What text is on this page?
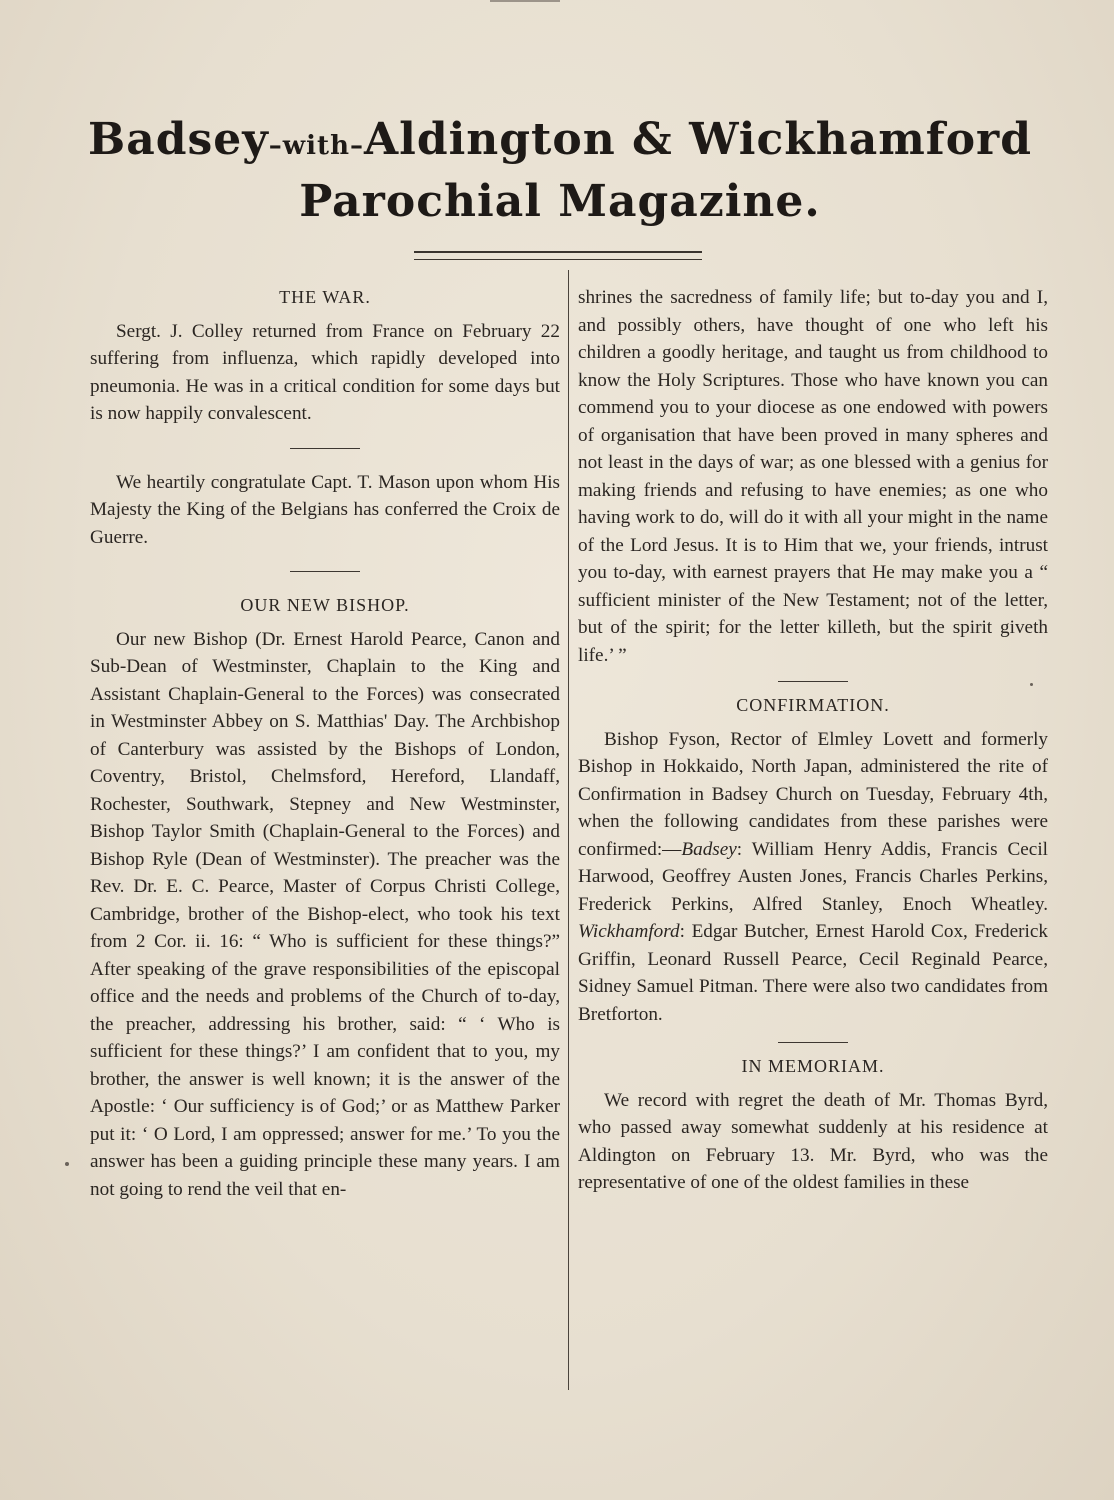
Badsey–with–Aldington & Wickhamford
Parochial Magazine.
THE WAR.

Sergt. J. Colley returned from France on February 22 suffering from influenza, which rapidly developed into pneumonia. He was in a critical condition for some days but is now happily convalescent.

We heartily congratulate Capt. T. Mason upon whom His Majesty the King of the Belgians has conferred the Croix de Guerre.

OUR NEW BISHOP.

Our new Bishop (Dr. Ernest Harold Pearce, Canon and Sub-Dean of Westminster, Chaplain to the King and Assistant Chaplain-General to the Forces) was consecrated in Westminster Abbey on S. Matthias' Day. The Archbishop of Canterbury was assisted by the Bishops of London, Coventry, Bristol, Chelmsford, Hereford, Llandaff, Rochester, Southwark, Stepney and New Westminster, Bishop Taylor Smith (Chaplain-General to the Forces) and Bishop Ryle (Dean of Westminster). The preacher was the Rev. Dr. E. C. Pearce, Master of Corpus Christi College, Cambridge, brother of the Bishop-elect, who took his text from 2 Cor. ii. 16: “ Who is sufficient for these things?” After speaking of the grave responsibilities of the episcopal office and the needs and problems of the Church of to-day, the preacher, addressing his brother, said: “ ‘ Who is sufficient for these things?’ I am confident that to you, my brother, the answer is well known; it is the answer of the Apostle: ‘ Our sufficiency is of God;’ or as Matthew Parker put it: ‘ O Lord, I am oppressed; answer for me.’ To you the answer has been a guiding principle these many years. I am not going to rend the veil that en-

shrines the sacredness of family life; but to-day you and I, and possibly others, have thought of one who left his children a goodly heritage, and taught us from childhood to know the Holy Scriptures. Those who have known you can commend you to your diocese as one endowed with powers of organisation that have been proved in many spheres and not least in the days of war; as one blessed with a genius for making friends and refusing to have enemies; as one who having work to do, will do it with all your might in the name of the Lord Jesus. It is to Him that we, your friends, intrust you to-day, with earnest prayers that He may make you a “ sufficient minister of the New Testament; not of the letter, but of the spirit; for the letter killeth, but the spirit giveth life.’ ”

CONFIRMATION.

Bishop Fyson, Rector of Elmley Lovett and formerly Bishop in Hokkaido, North Japan, administered the rite of Confirmation in Badsey Church on Tuesday, February 4th, when the following candidates from these parishes were confirmed:—Badsey: William Henry Addis, Francis Cecil Harwood, Geoffrey Austen Jones, Francis Charles Perkins, Frederick Perkins, Alfred Stanley, Enoch Wheatley. Wickhamford: Edgar Butcher, Ernest Harold Cox, Frederick Griffin, Leonard Russell Pearce, Cecil Reginald Pearce, Sidney Samuel Pitman. There were also two candidates from Bretforton.

IN MEMORIAM.

We record with regret the death of Mr. Thomas Byrd, who passed away somewhat suddenly at his residence at Aldington on February 13. Mr. Byrd, who was the representative of one of the oldest families in these
